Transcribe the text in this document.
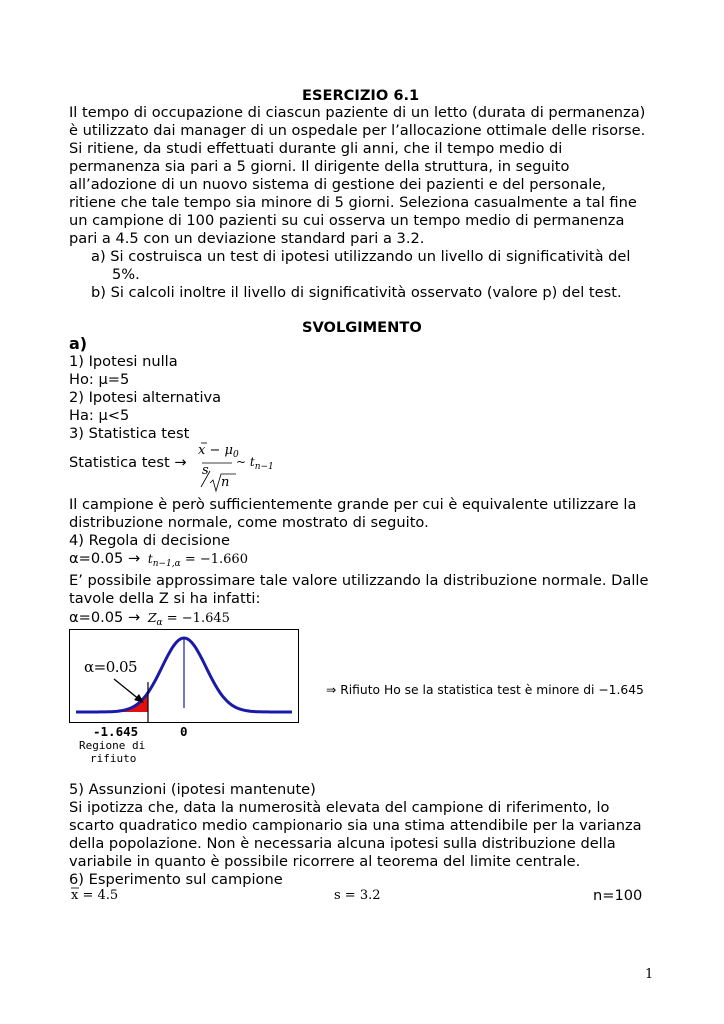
ESERCIZIO 6.1
Il tempo di occupazione di ciascun paziente di un letto (durata di permanenza)
è utilizzato dai manager di un ospedale per l’allocazione ottimale delle risorse.
Si ritiene, da studi effettuati durante gli anni, che il tempo medio di
permanenza sia pari a 5 giorni. Il dirigente della struttura, in seguito
all’adozione di un nuovo sistema di gestione dei pazienti e del personale,
ritiene che tale tempo sia minore di 5 giorni. Seleziona casualmente a tal fine
un campione di 100 pazienti su cui osserva un tempo medio di permanenza
pari a 4.5 con un deviazione standard pari a 3.2.
a) Si costruisca un test di ipotesi utilizzando un livello di significatività del
5%.
b) Si calcoli inoltre il livello di significatività osservato (valore p) del test.
SVOLGIMENTO
a)
1) Ipotesi nulla
Ho: μ=5
2) Ipotesi alternativa
Ha: μ<5
3) Statistica test
Statistica test →
$x - \mu_0$
s
n
~ $t_{n-1}$
Il campione è però sufficientemente grande per cui è equivalente utilizzare la
distribuzione normale, come mostrato di seguito.
4) Regola di decisione
$\alpha=0.05 \to t_{n-1,\alpha} = -1.660$
E’ possibile approssimare tale valore utilizzando la distribuzione normale. Dalle
tavole della Z si ha infatti:
$\alpha=0.05 \to Z_\alpha = -1.645$
α=0.05
-1.645	0
Regione di
rifiuto
⇒ Rifiuto Ho se la statistica test è minore di −1.645
5) Assunzioni (ipotesi mantenute)
Si ipotizza che, data la numerosità elevata del campione di riferimento, lo
scarto quadratico medio campionario sia una stima attendibile per la varianza
della popolazione. Non è necessaria alcuna ipotesi sulla distribuzione della
variabile in quanto è possibile ricorrere al teorema del limite centrale.
6) Esperimento sul campione
x = 4.5	s = 3.2	n=100
1
